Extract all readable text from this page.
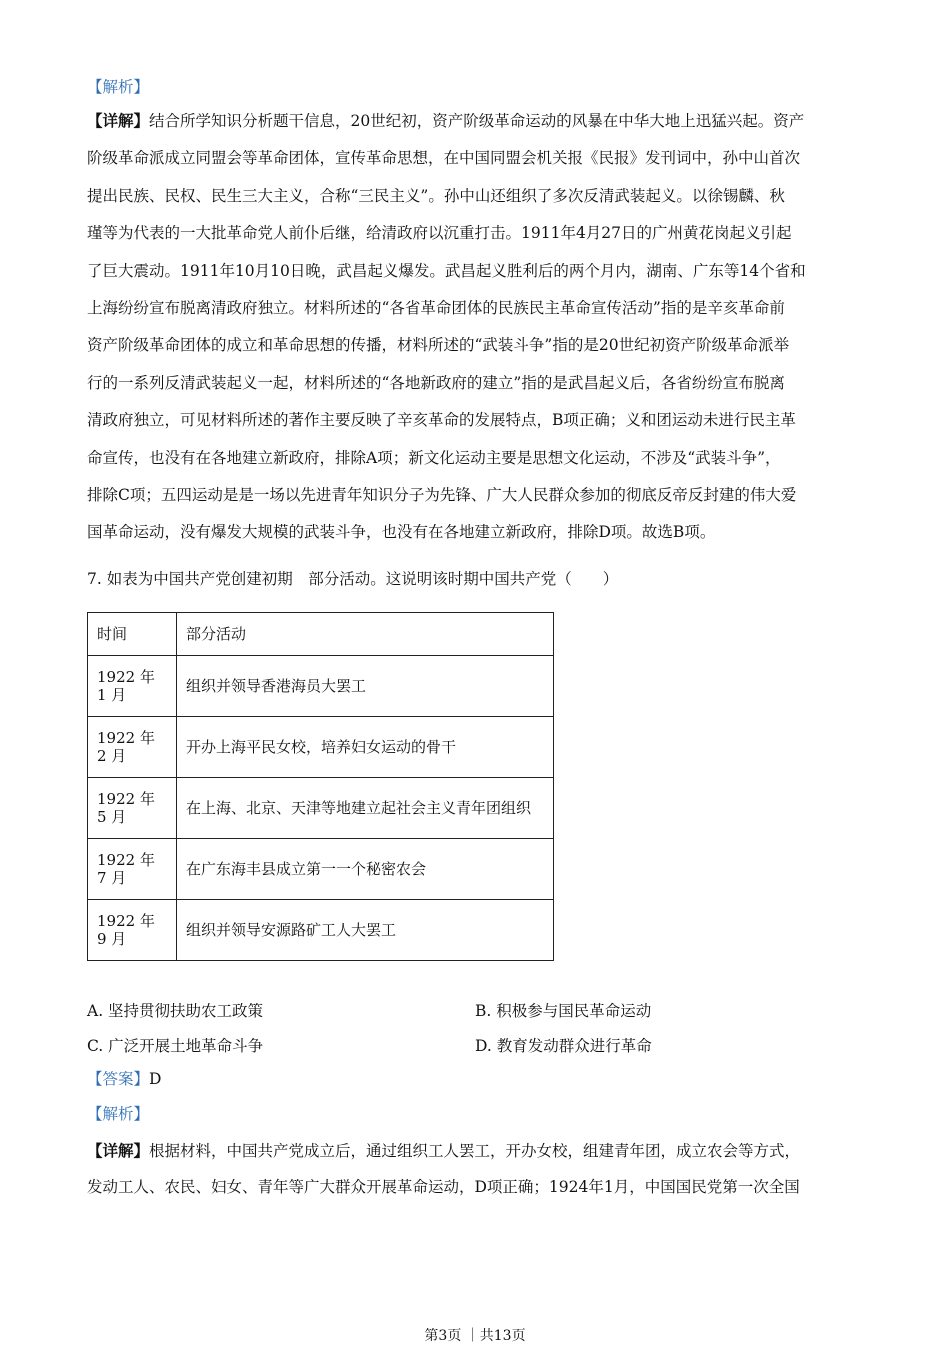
【解析】
【详解】结合所学知识分析题干信息，20世纪初，资产阶级革命运动的风暴在中华大地上迅猛兴起。资产
阶级革命派成立同盟会等革命团体，宣传革命思想，在中国同盟会机关报《民报》发刊词中，孙中山首次
提出民族、民权、民生三大主义，合称“三民主义”。孙中山还组织了多次反清武装起义。以徐锡麟、秋
瑾等为代表的一大批革命党人前仆后继，给清政府以沉重打击。1911年4月27日的广州黄花岗起义引起
了巨大震动。1911年10月10日晚，武昌起义爆发。武昌起义胜利后的两个月内，湖南、广东等14个省和
上海纷纷宣布脱离清政府独立。材料所述的“各省革命团体的民族民主革命宣传活动”指的是辛亥革命前
资产阶级革命团体的成立和革命思想的传播，材料所述的“武装斗争”指的是20世纪初资产阶级革命派举
行的一系列反清武装起义一起，材料所述的“各地新政府的建立”指的是武昌起义后，各省纷纷宣布脱离
清政府独立，可见材料所述的著作主要反映了辛亥革命的发展特点，B项正确；义和团运动未进行民主革
命宣传，也没有在各地建立新政府，排除A项；新文化运动主要是思想文化运动，不涉及“武装斗争”，
排除C项；五四运动是是一场以先进青年知识分子为先锋、广大人民群众参加的彻底反帝反封建的伟大爱
国革命运动，没有爆发大规模的武装斗争，也没有在各地建立新政府，排除D项。故选B项。
7. 如表为中国共产党创建初期　部分活动。这说明该时期中国共产党（　　）
时间	部分活动
1922 年 1 月	组织并领导香港海员大罢工
1922 年 2 月	开办上海平民女校，培养妇女运动的骨干
1922 年 5 月	在上海、北京、天津等地建立起社会主义青年团组织
1922 年 7 月	在广东海丰县成立第一一个秘密农会
1922 年 9 月	组织并领导安源路矿工人大罢工
A. 坚持贯彻扶助农工政策	B. 积极参与国民革命运动
C. 广泛开展土地革命斗争	D. 教育发动群众进行革命
【答案】D
【解析】
【详解】根据材料，中国共产党成立后，通过组织工人罢工，开办女校，组建青年团，成立农会等方式，
发动工人、农民、妇女、青年等广大群众开展革命运动，D项正确；1924年1月，中国国民党第一次全国
第3页 ｜共13页
